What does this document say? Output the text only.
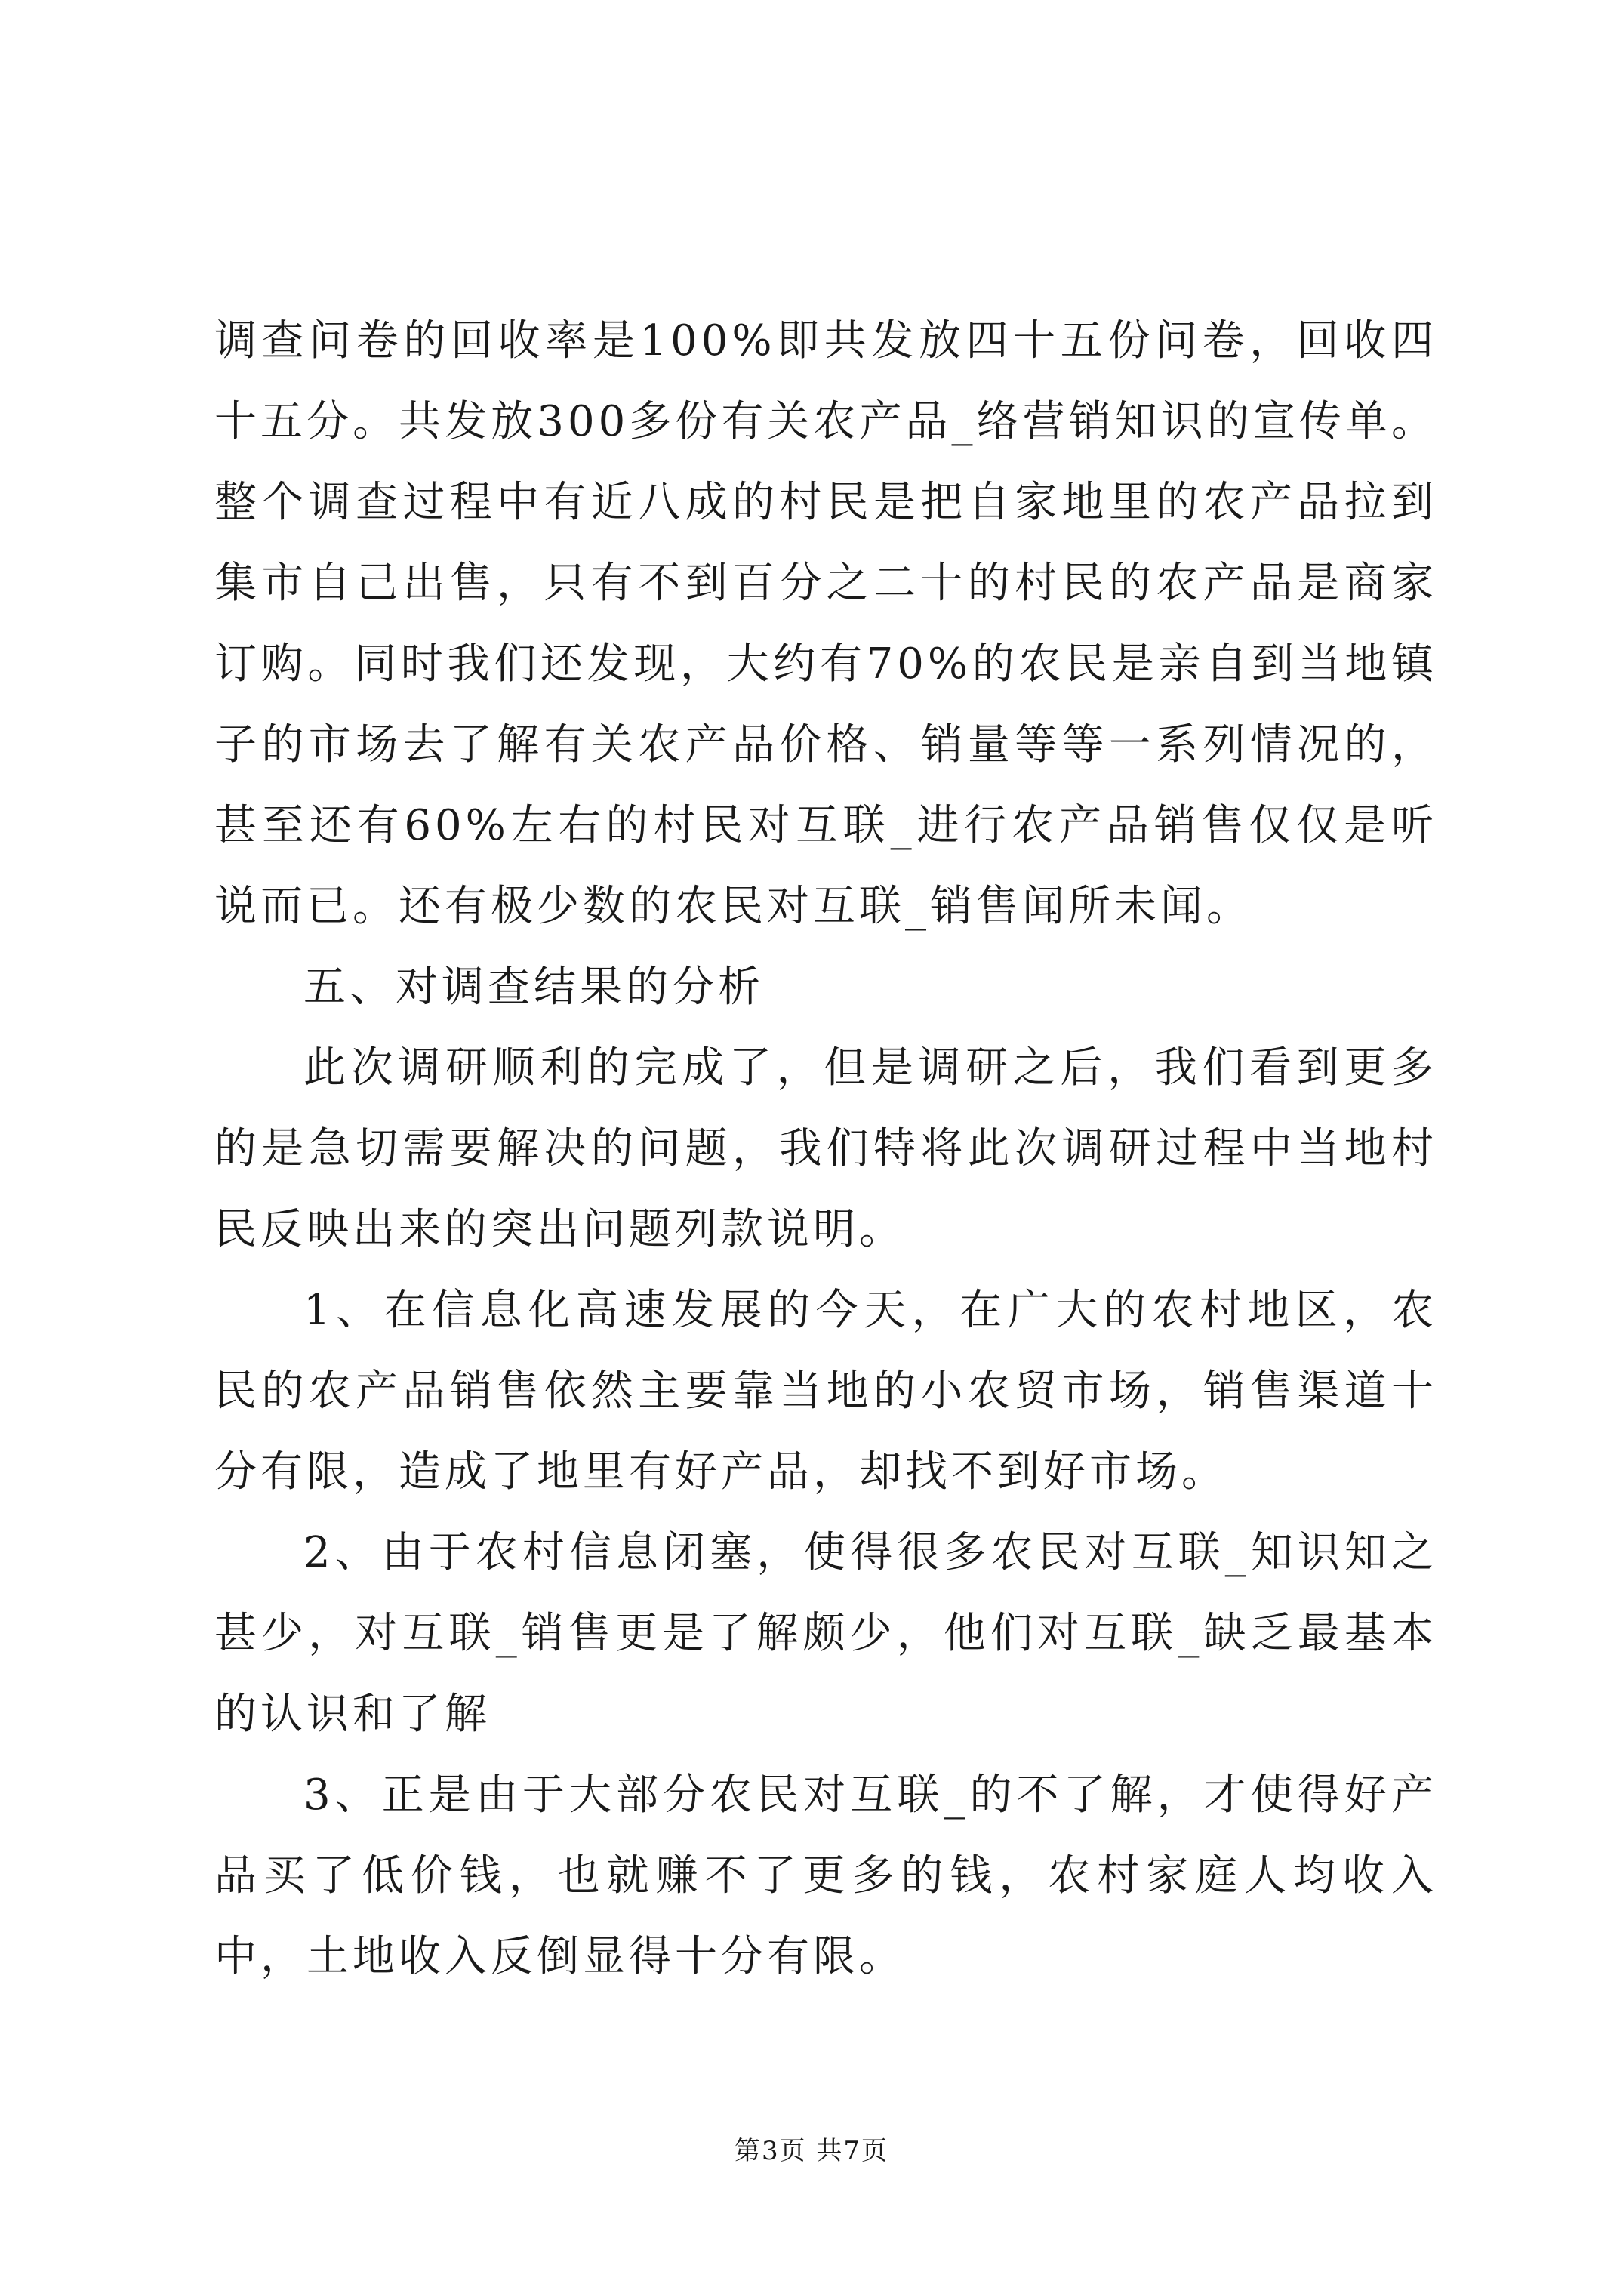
调查问卷的回收率是100%即共发放四十五份问卷，回收四十五分。共发放300多份有关农产品_络营销知识的宣传单。整个调查过程中有近八成的村民是把自家地里的农产品拉到集市自己出售，只有不到百分之二十的村民的农产品是商家订购。同时我们还发现，大约有70%的农民是亲自到当地镇子的市场去了解有关农产品价格、销量等等一系列情况的，甚至还有60%左右的村民对互联_进行农产品销售仅仅是听说而已。还有极少数的农民对互联_销售闻所未闻。

五、对调查结果的分析

此次调研顺利的完成了，但是调研之后，我们看到更多的是急切需要解决的问题，我们特将此次调研过程中当地村民反映出来的突出问题列款说明。

1、在信息化高速发展的今天，在广大的农村地区，农民的农产品销售依然主要靠当地的小农贸市场，销售渠道十分有限，造成了地里有好产品，却找不到好市场。

2、由于农村信息闭塞，使得很多农民对互联_知识知之甚少，对互联_销售更是了解颇少，他们对互联_缺乏最基本的认识和了解

3、正是由于大部分农民对互联_的不了解，才使得好产品买了低价钱，也就赚不了更多的钱，农村家庭人均收入中，土地收入反倒显得十分有限。

第3页 共7页
